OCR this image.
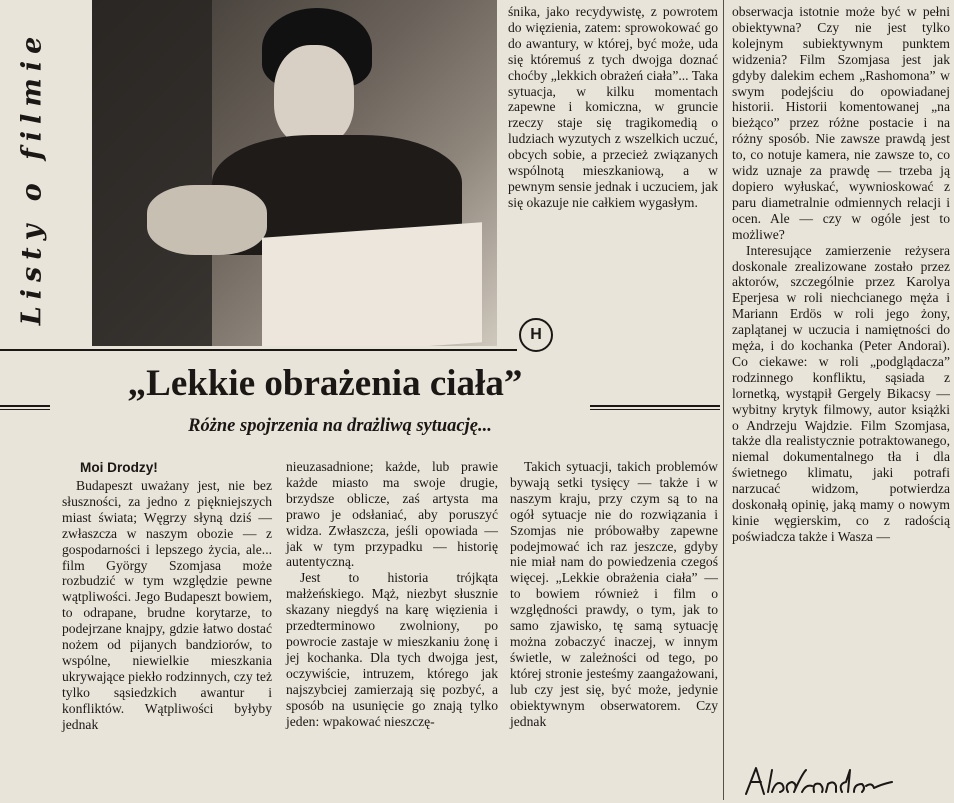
Listy o filmie

śnika, jako recydywistę, z powrotem do więzienia, zatem: sprowokować go do awantury, w której, być może, uda się któremuś z tych dwojga doznać choćby „lekkich obrażeń ciała”... Taka sytuacja, w kilku momentach zapewne i komiczna, w gruncie rzeczy staje się tragikomedią o ludziach wyzutych z wszelkich uczuć, obcych sobie, a przecież związanych wspólnotą mieszkaniową, a w pewnym sensie jednak i uczuciem, jak się okazuje nie całkiem wygasłym.

obserwacja istotnie może być w pełni obiektywna? Czy nie jest tylko kolejnym subiektywnym punktem widzenia? Film Szomjasa jest jak gdyby dalekim echem „Rashomona” w swym podejściu do opowiadanej historii. Historii komentowanej „na bieżąco” przez różne postacie i na różny sposób. Nie zawsze prawdą jest to, co notuje kamera, nie zawsze to, co widz uznaje za prawdę — trzeba ją dopiero wyłuskać, wywnioskować z paru diametralnie odmiennych relacji i ocen. Ale — czy w ogóle jest to możliwe?

Interesujące zamierzenie reżysera doskonale zrealizowane zostało przez aktorów, szczególnie przez Karolya Eperjesa w roli niechcianego męża i Mariann Erdös w roli jego żony, zaplątanej w uczucia i namiętności do męża, i do kochanka (Peter Andorai). Co ciekawe: w roli „podglądacza” rodzinnego konfliktu, sąsiada z lornetką, wystąpił Gergely Bikacsy — wybitny krytyk filmowy, autor książki o Andrzeju Wajdzie. Film Szomjasa, także dla realistycznie potraktowanego, niemal dokumentalnego tła i dla świetnego klimatu, jaki potrafi narzucać widzom, potwierdza doskonałą opinię, jaką mamy o nowym kinie węgierskim, co z radością poświadcza także i Wasza —

H
„Lekkie obrażenia ciała”
Różne spojrzenia na drażliwą sytuację...
Moi Drodzy!

Budapeszt uważany jest, nie bez słuszności, za jedno z piękniejszych miast świata; Węgrzy słyną dziś — zwłaszcza w naszym obozie — z gospodarności i lepszego życia, ale... film György Szomjasa może rozbudzić w tym względzie pewne wątpliwości. Jego Budapeszt bowiem, to odrapane, brudne korytarze, to podejrzane knajpy, gdzie łatwo dostać nożem od pijanych bandziorów, to wspólne, niewielkie mieszkania ukrywające piekło rodzinnych, czy też tylko sąsiedzkich awantur i konfliktów. Wątpliwości byłyby jednak

nieuzasadnione; każde, lub prawie każde miasto ma swoje drugie, brzydsze oblicze, zaś artysta ma prawo je odsłaniać, aby poruszyć widza. Zwłaszcza, jeśli opowiada — jak w tym przypadku — historię autentyczną.

Jest to historia trójkąta małżeńskiego. Mąż, niezbyt słusznie skazany niegdyś na karę więzienia i przedterminowo zwolniony, po powrocie zastaje w mieszkaniu żonę i jej kochanka. Dla tych dwojga jest, oczywiście, intruzem, którego jak najszybciej zamierzają się pozbyć, a sposób na usunięcie go znają tylko jeden: wpakować nieszczę-

Takich sytuacji, takich problemów bywają setki tysięcy — także i w naszym kraju, przy czym są to na ogół sytuacje nie do rozwiązania i Szomjas nie próbowałby zapewne podejmować ich raz jeszcze, gdyby nie miał nam do powiedzenia czegoś więcej. „Lekkie obrażenia ciała” — to bowiem również i film o względności prawdy, o tym, jak to samo zjawisko, tę samą sytuację można zobaczyć inaczej, w innym świetle, w zależności od tego, po której stronie jesteśmy zaangażowani, lub czy jest się, być może, jedynie obiektywnym obserwatorem. Czy jednak
